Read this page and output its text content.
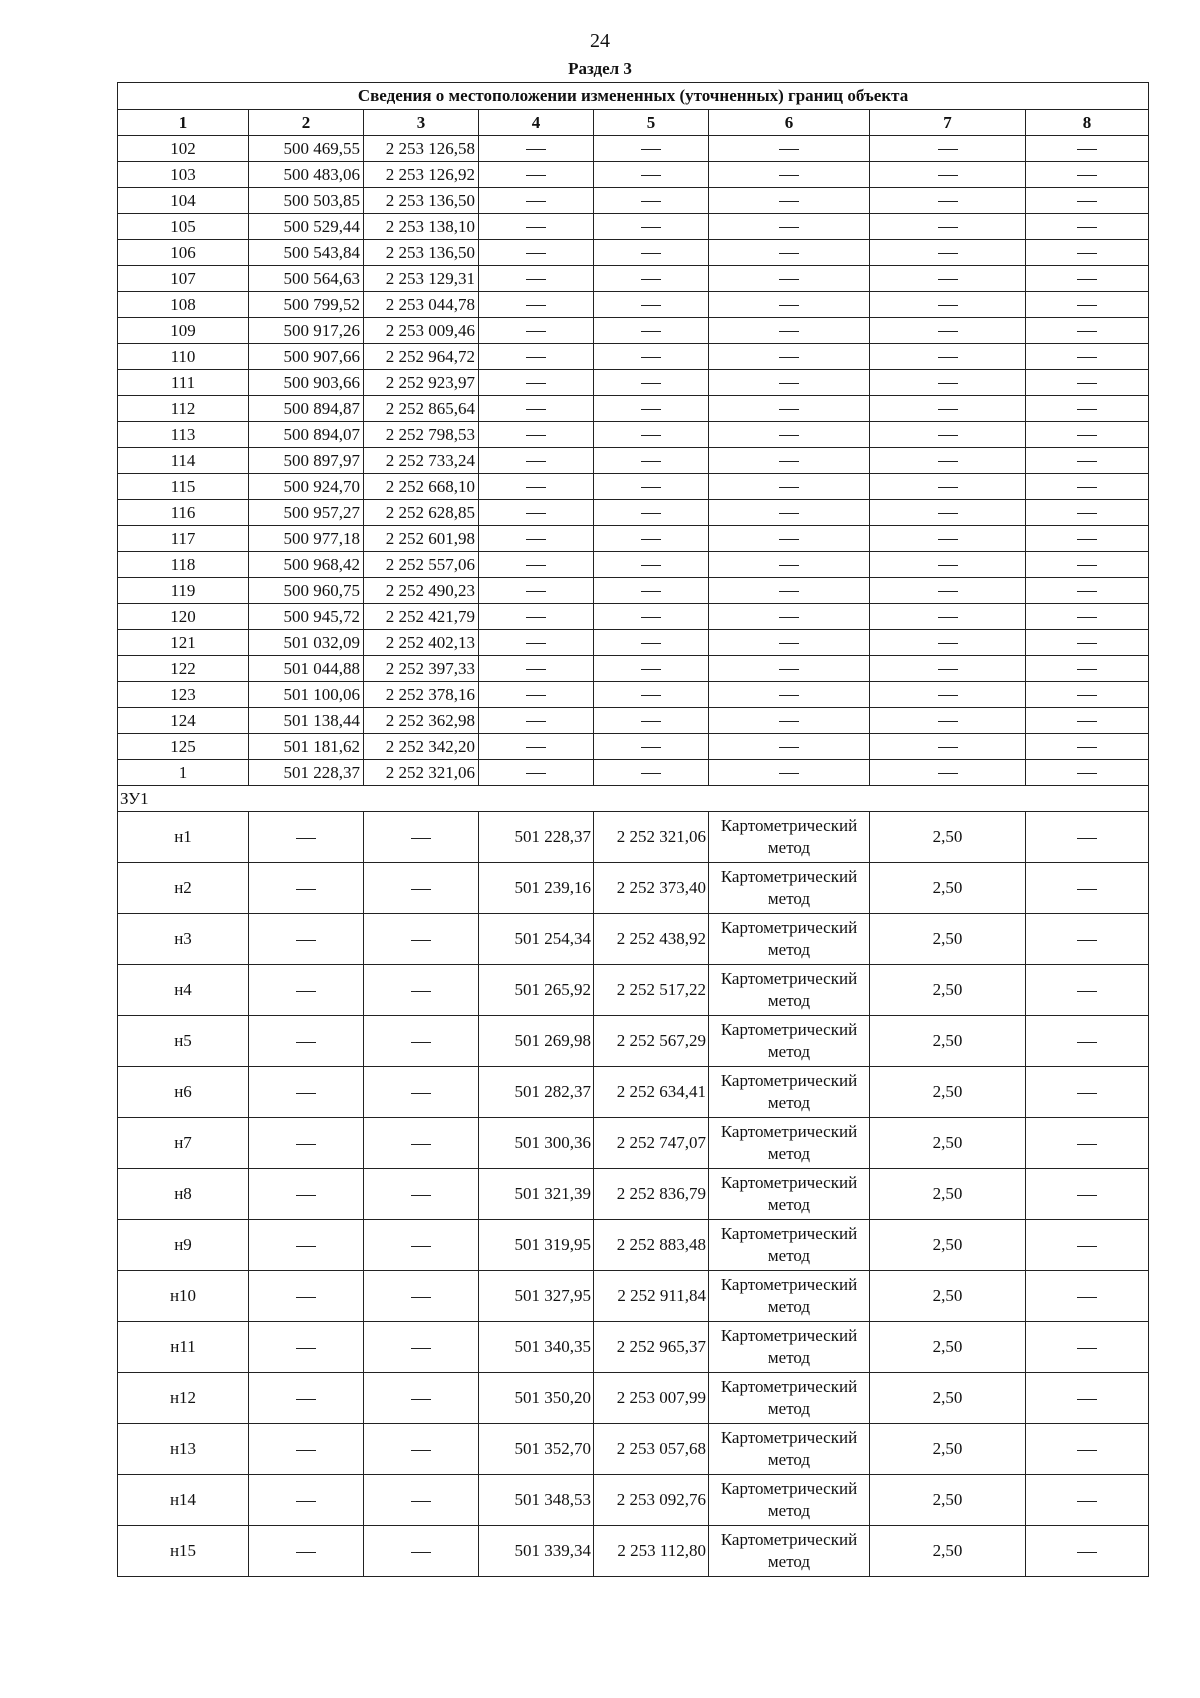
24
Раздел 3
Сведения о местоположении измененных (уточненных) границ объекта							
1	2	3	4	5	6	7	8
102	500 469,55	2 253 126,58					
103	500 483,06	2 253 126,92					
104	500 503,85	2 253 136,50					
105	500 529,44	2 253 138,10					
106	500 543,84	2 253 136,50					
107	500 564,63	2 253 129,31					
108	500 799,52	2 253 044,78					
109	500 917,26	2 253 009,46					
110	500 907,66	2 252 964,72					
111	500 903,66	2 252 923,97					
112	500 894,87	2 252 865,64					
113	500 894,07	2 252 798,53					
114	500 897,97	2 252 733,24					
115	500 924,70	2 252 668,10					
116	500 957,27	2 252 628,85					
117	500 977,18	2 252 601,98					
118	500 968,42	2 252 557,06					
119	500 960,75	2 252 490,23					
120	500 945,72	2 252 421,79					
121	501 032,09	2 252 402,13					
122	501 044,88	2 252 397,33					
123	501 100,06	2 252 378,16					
124	501 138,44	2 252 362,98					
125	501 181,62	2 252 342,20					
1	501 228,37	2 252 321,06					
ЗУ1							
н1			501 228,37	2 252 321,06	Картометрический метод	2,50	
н2			501 239,16	2 252 373,40	Картометрический метод	2,50	
н3			501 254,34	2 252 438,92	Картометрический метод	2,50	
н4			501 265,92	2 252 517,22	Картометрический метод	2,50	
н5			501 269,98	2 252 567,29	Картометрический метод	2,50	
н6			501 282,37	2 252 634,41	Картометрический метод	2,50	
н7			501 300,36	2 252 747,07	Картометрический метод	2,50	
н8			501 321,39	2 252 836,79	Картометрический метод	2,50	
н9			501 319,95	2 252 883,48	Картометрический метод	2,50	
н10			501 327,95	2 252 911,84	Картометрический метод	2,50	
н11			501 340,35	2 252 965,37	Картометрический метод	2,50	
н12			501 350,20	2 253 007,99	Картометрический метод	2,50	
н13			501 352,70	2 253 057,68	Картометрический метод	2,50	
н14			501 348,53	2 253 092,76	Картометрический метод	2,50	
н15			501 339,34	2 253 112,80	Картометрический метод	2,50	
